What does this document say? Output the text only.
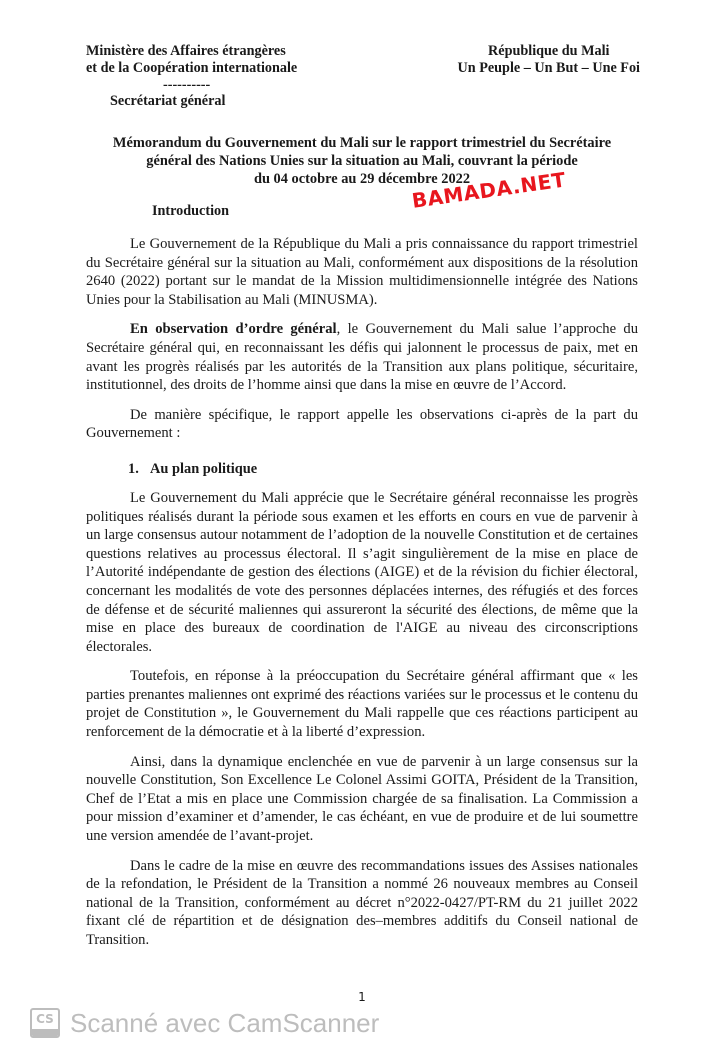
Ministère des Affaires étrangères
et de la Coopération internationale
----------
Secrétariat général
République du Mali
Un Peuple – Un But – Une Foi
Mémorandum du Gouvernement du Mali sur le rapport trimestriel du Secrétaire
général des Nations Unies sur la situation au Mali, couvrant la période
du 04 octobre au 29 décembre 2022
Introduction	BAMADA.NET

Le Gouvernement de la République du Mali a pris connaissance du rapport trimestriel du Secrétaire général sur la situation au Mali, conformément aux dispositions de la résolution 2640 (2022) portant sur le mandat de la Mission multidimensionnelle intégrée des Nations Unies pour la Stabilisation au Mali (MINUSMA).

En observation d’ordre général, le Gouvernement du Mali salue l’approche du Secrétaire général qui, en reconnaissant les défis qui jalonnent le processus de paix, met en avant les progrès réalisés par les autorités de la Transition aux plans politique, sécuritaire, institutionnel, des droits de l’homme ainsi que dans la mise en œuvre de l’Accord.

De manière spécifique, le rapport appelle les observations ci-après de la part du Gouvernement :

1. Au plan politique

Le Gouvernement du Mali apprécie que le Secrétaire général reconnaisse les progrès politiques réalisés durant la période sous examen et les efforts en cours en vue de parvenir à un large consensus autour notamment de l’adoption de la nouvelle Constitution et de certaines questions relatives au processus électoral. Il s’agit singulièrement de la mise en place de l’Autorité indépendante de gestion des élections (AIGE) et de la révision du fichier électoral, concernant les modalités de vote des personnes déplacées internes, des réfugiés et des forces de défense et de sécurité maliennes qui assureront la sécurité des élections, de même que la mise en place des bureaux de coordination de l'AIGE au niveau des circonscriptions électorales.

Toutefois, en réponse à la préoccupation du Secrétaire général affirmant que « les parties prenantes maliennes ont exprimé des réactions variées sur le processus et le contenu du projet de Constitution », le Gouvernement du Mali rappelle que ces réactions participent au renforcement de la démocratie et à la liberté d’expression.

Ainsi, dans la dynamique enclenchée en vue de parvenir à un large consensus sur la nouvelle Constitution, Son Excellence Le Colonel Assimi GOITA, Président de la Transition, Chef de l’Etat a mis en place une Commission chargée de sa finalisation. La Commission a pour mission d’examiner et d’amender, le cas échéant, en vue de produire et de lui soumettre une version amendée de l’avant-projet.

Dans le cadre de la mise en œuvre des recommandations issues des Assises nationales de la refondation, le Président de la Transition a nommé 26 nouveaux membres au Conseil national de la Transition, conformément au décret n°2022-0427/PT-RM du 21 juillet 2022 fixant clé de répartition et de désignation des–membres additifs du Conseil national de Transition.

1
CS Scanné avec CamScanner
